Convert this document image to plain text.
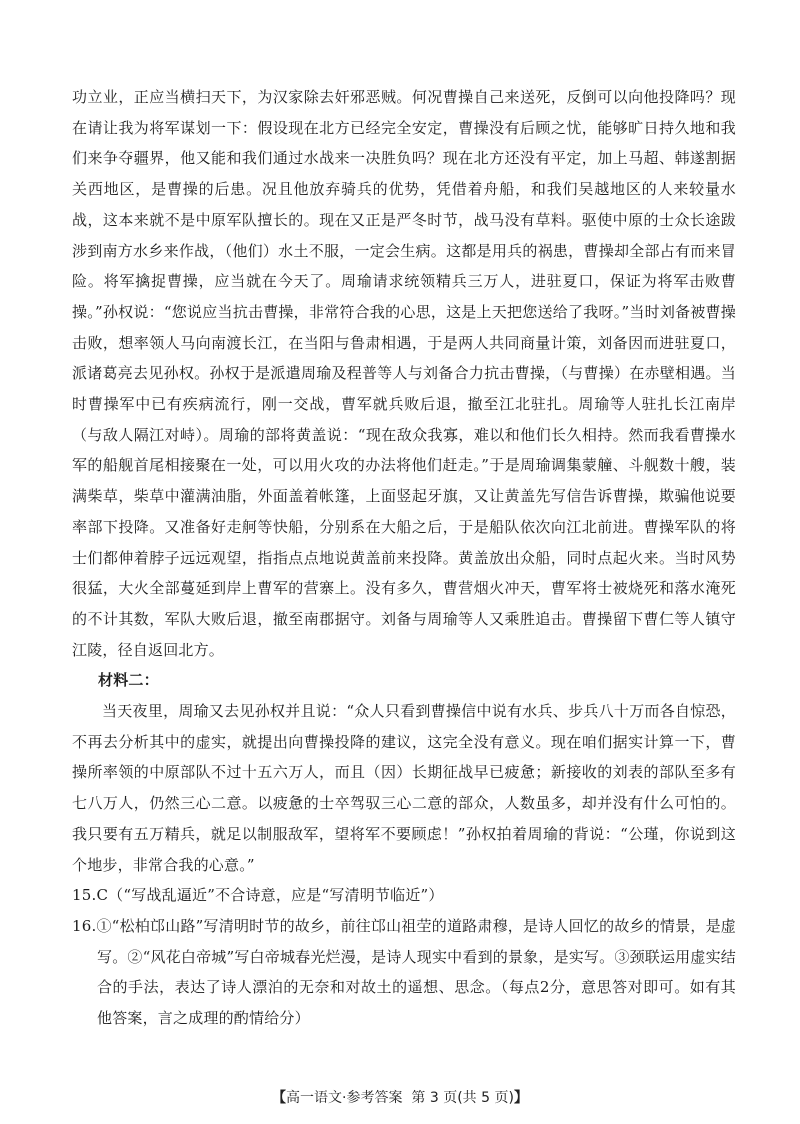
功立业，正应当横扫天下，为汉家除去奸邪恶贼。何况曹操自己来送死，反倒可以向他投降吗？现在请让我为将军谋划一下：假设现在北方已经完全安定，曹操没有后顾之忧，能够旷日持久地和我们来争夺疆界，他又能和我们通过水战来一决胜负吗？现在北方还没有平定，加上马超、韩遂割据关西地区，是曹操的后患。况且他放弃骑兵的优势，凭借着舟船，和我们吴越地区的人来较量水战，这本来就不是中原军队擅长的。现在又正是严冬时节，战马没有草料。驱使中原的士众长途跋涉到南方水乡来作战，（他们）水土不服，一定会生病。这都是用兵的祸患，曹操却全部占有而来冒险。将军擒捉曹操，应当就在今天了。周瑜请求统领精兵三万人，进驻夏口，保证为将军击败曹操。”孙权说：“您说应当抗击曹操，非常符合我的心思，这是上天把您送给了我呀。”当时刘备被曹操击败，想率领人马向南渡长江，在当阳与鲁肃相遇，于是两人共同商量计策，刘备因而进驻夏口，派诸葛亮去见孙权。孙权于是派遣周瑜及程普等人与刘备合力抗击曹操，（与曹操）在赤壁相遇。当时曹操军中已有疾病流行，刚一交战，曹军就兵败后退，撤至江北驻扎。周瑜等人驻扎长江南岸（与敌人隔江对峙）。周瑜的部将黄盖说：“现在敌众我寡，难以和他们长久相持。然而我看曹操水军的船舰首尾相接聚在一处，可以用火攻的办法将他们赶走。”于是周瑜调集蒙艟、斗舰数十艘，装满柴草，柴草中灌满油脂，外面盖着帐篷，上面竖起牙旗，又让黄盖先写信告诉曹操，欺骗他说要率部下投降。又准备好走舸等快船，分别系在大船之后，于是船队依次向江北前进。曹操军队的将士们都伸着脖子远远观望，指指点点地说黄盖前来投降。黄盖放出众船，同时点起火来。当时风势很猛，大火全部蔓延到岸上曹军的营寨上。没有多久，曹营烟火冲天，曹军将士被烧死和落水淹死的不计其数，军队大败后退，撤至南郡据守。刘备与周瑜等人又乘胜追击。曹操留下曹仁等人镇守江陵，径自返回北方。

材料二：

当天夜里，周瑜又去见孙权并且说：“众人只看到曹操信中说有水兵、步兵八十万而各自惊恐，不再去分析其中的虚实，就提出向曹操投降的建议，这完全没有意义。现在咱们据实计算一下，曹操所率领的中原部队不过十五六万人，而且（因）长期征战早已疲惫；新接收的刘表的部队至多有七八万人，仍然三心二意。以疲惫的士卒驾驭三心二意的部众，人数虽多，却并没有什么可怕的。我只要有五万精兵，就足以制服敌军，望将军不要顾虑！”孙权拍着周瑜的背说：“公瑾，你说到这个地步，非常合我的心意。”

15.C（“写战乱逼近”不合诗意，应是“写清明节临近”）

16.①“松柏邙山路”写清明时节的故乡，前往邙山祖茔的道路肃穆，是诗人回忆的故乡的情景，是虚写。②“风花白帝城”写白帝城春光烂漫，是诗人现实中看到的景象，是实写。③颈联运用虚实结合的手法，表达了诗人漂泊的无奈和对故土的遥想、思念。（每点2分，意思答对即可。如有其他答案，言之成理的酌情给分）

【高一语文·参考答案 第 3 页(共 5 页)】
